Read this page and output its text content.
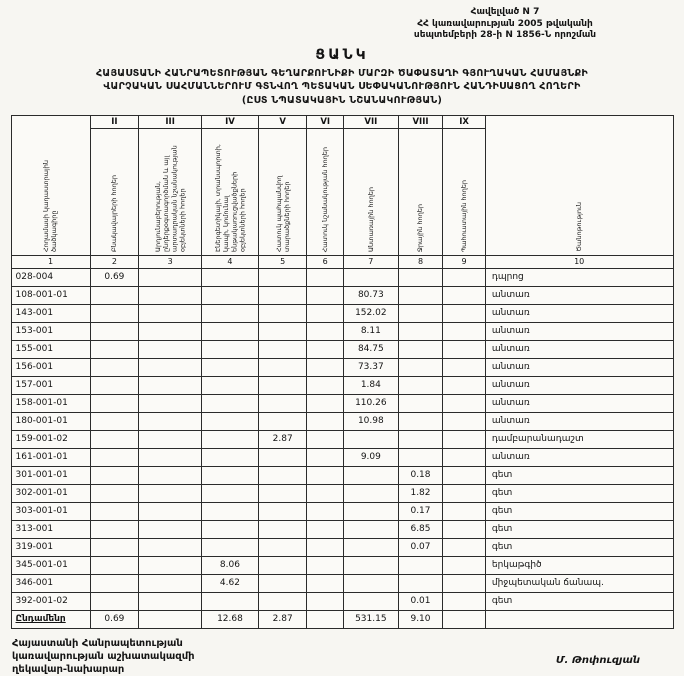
Հավելված N 7
ՀՀ կառավարության 2005 թվականի
սեպտեմբերի 28-ի N 1856-Ն որոշման
ՑԱՆԿ
ՀԱՅԱՍՏԱՆԻ ՀԱՆՐԱՊԵՏՈՒԹՅԱՆ ԳԵՂԱՐՔՈՒՆԻՔԻ ՄԱՐԶԻ ԾԱՓԱՏԱՂԻ ԳՅՈՒՂԱԿԱՆ ՀԱՄԱՅՆՔԻ
ՎԱՐՉԱԿԱՆ ՍԱՀՄԱՆՆԵՐՈՒՄ ԳՏՆՎՈՂ ՊԵՏԱԿԱՆ ՍԵՓԱԿԱՆՈՒԹՅՈՒՆ ՀԱՆԴԻՍԱՑՈՂ ՀՈՂԵՐԻ
(ԸՍՏ ՆՊԱՏԱԿԱՅԻՆ ՆՇԱՆԱԿՈՒԹՅԱՆ)
Հողամասի կադաստրային ծածկագիրը	II	III	IV	V	VI	VII	VIII	IX	Ծանոթություն

	Բնակավայրերի հողեր	Արդյունաբերության, ընդերքօգտագործման և այլ արտադրական նշանակության օբյեկտների հողեր	Էներգետիկայի, տրանսպորտի, կապի, կոմունալ ենթակառուցվածքների օբյեկտների հողեր	Հատուկ պահպանվող տարածքների հողեր	Հատուկ նշանակության հողեր	Անտառային հողեր	Ջրային հողեր	Պահուստային հողեր	

1	2	3	4	5	6	7	8	9	10
028-004	0.69								դպրոց
108-001-01						80.73			անտառ
143-001						152.02			անտառ
153-001						8.11			անտառ
155-001						84.75			անտառ
156-001						73.37			անտառ
157-001						1.84			անտառ
158-001-01						110.26			անտառ
180-001-01						10.98			անտառ
159-001-02				2.87					դամբարանադաշտ
161-001-01						9.09			անտառ
301-001-01							0.18		գետ
302-001-01							1.82		գետ
303-001-01							0.17		գետ
313-001							6.85		գետ
319-001							0.07		գետ
345-001-01			8.06						երկաթգիծ
346-001			4.62						միջպետական ճանապ.
392-001-02							0.01		գետ
Ընդամենը	0.69		12.68	2.87		531.15	9.10		
Հայաստանի Հանրապետության
կառավարության աշխատակազմի
ղեկավար-նախարար
Մ. Թոփուզյան
